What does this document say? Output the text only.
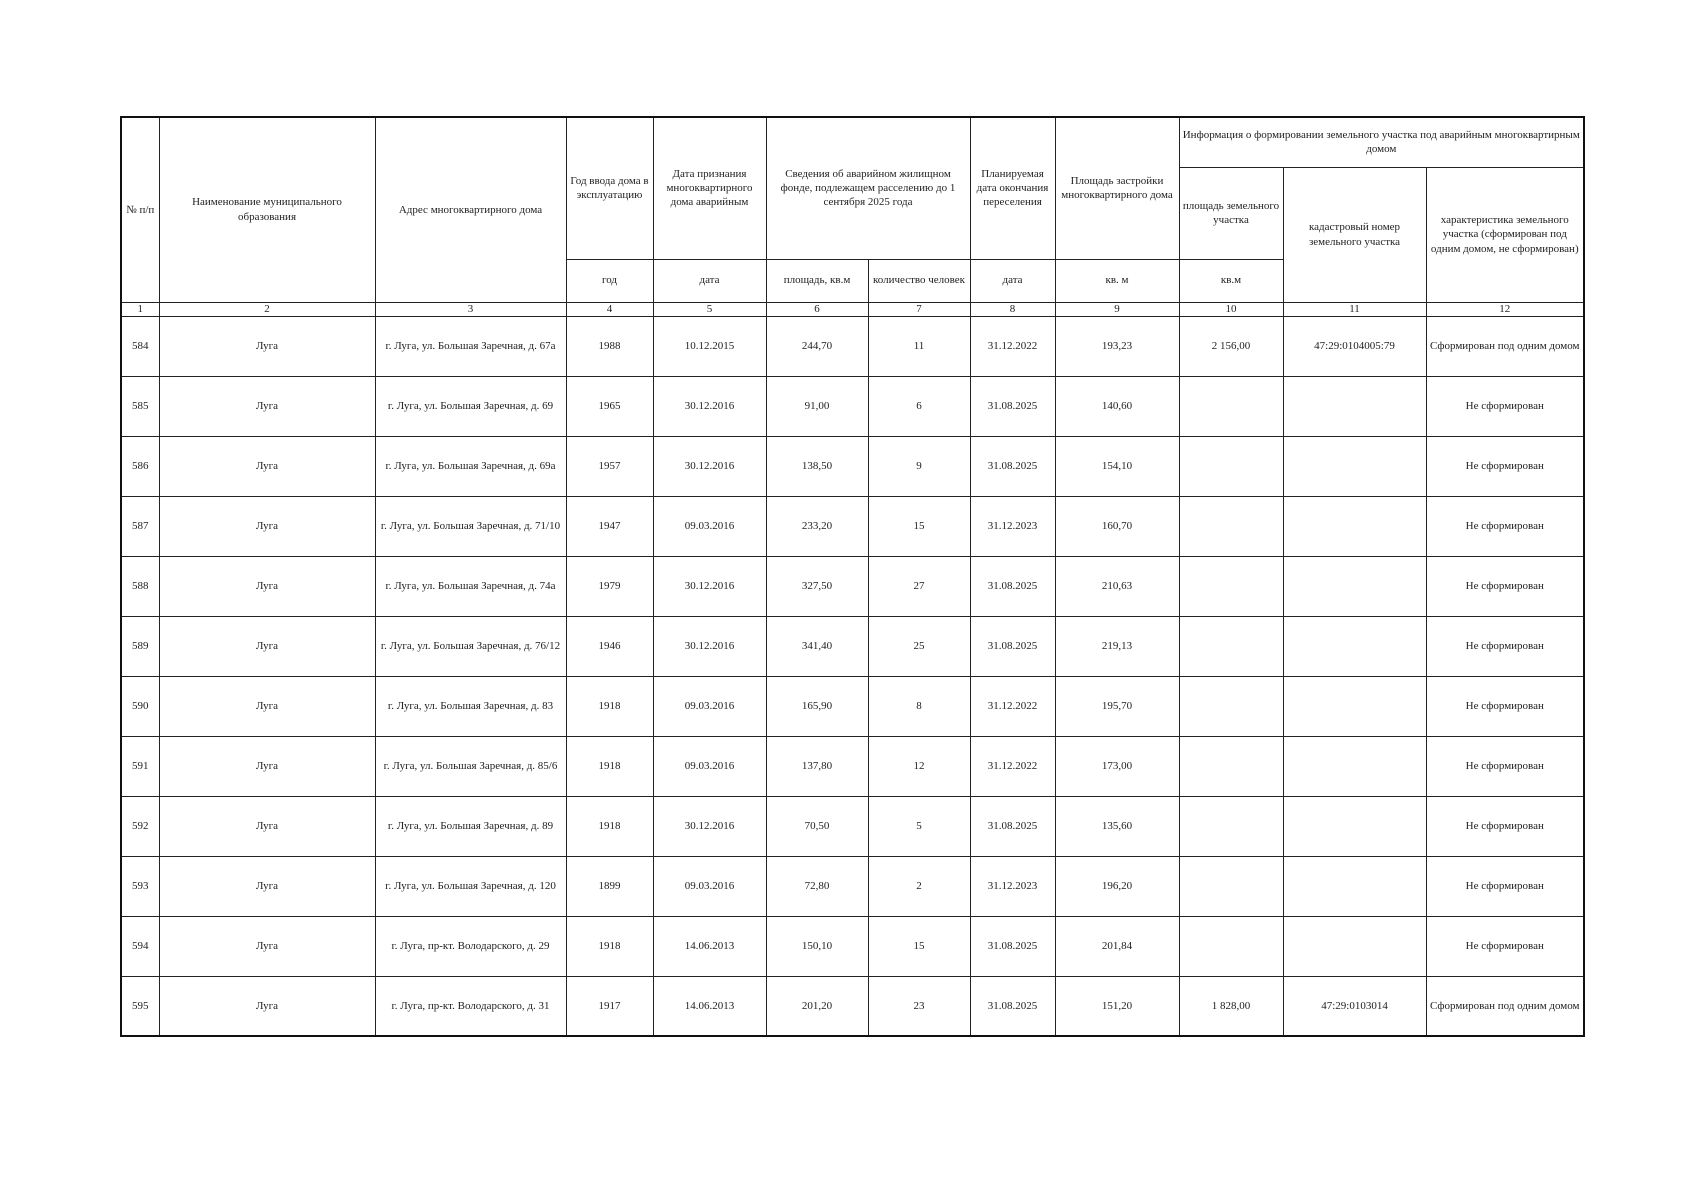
№ п/п	Наименование муниципального образования	Адрес многоквартирного дома	Год ввода дома в эксплуатацию	Дата признания многоквартирного дома аварийным	Сведения об аварийном жилищном фонде, подлежащем расселению до 1 сентября 2025 года		Планируемая дата окончания переселения	Площадь застройки многоквартирного дома	Информация о формировании земельного участка под аварийным многоквартирным домом		
									площадь земельного участка	кадастровый номер земельного участка	характеристика земельного участка (сформирован под одним домом, не сформирован)
			год	дата	площадь, кв.м	количество человек	дата	кв. м	кв.м		
1	2	3	4	5	6	7	8	9	10	11	12
584	Луга	г. Луга, ул. Большая Заречная, д. 67а	1988	10.12.2015	244,70	11	31.12.2022	193,23	2 156,00	47:29:0104005:79	Сформирован под одним домом
585	Луга	г. Луга, ул. Большая Заречная, д. 69	1965	30.12.2016	91,00	6	31.08.2025	140,60			Не сформирован
586	Луга	г. Луга, ул. Большая Заречная, д. 69а	1957	30.12.2016	138,50	9	31.08.2025	154,10			Не сформирован
587	Луга	г. Луга, ул. Большая Заречная, д. 71/10	1947	09.03.2016	233,20	15	31.12.2023	160,70			Не сформирован
588	Луга	г. Луга, ул. Большая Заречная, д. 74а	1979	30.12.2016	327,50	27	31.08.2025	210,63			Не сформирован
589	Луга	г. Луга, ул. Большая Заречная, д. 76/12	1946	30.12.2016	341,40	25	31.08.2025	219,13			Не сформирован
590	Луга	г. Луга, ул. Большая Заречная, д. 83	1918	09.03.2016	165,90	8	31.12.2022	195,70			Не сформирован
591	Луга	г. Луга, ул. Большая Заречная, д. 85/6	1918	09.03.2016	137,80	12	31.12.2022	173,00			Не сформирован
592	Луга	г. Луга, ул. Большая Заречная, д. 89	1918	30.12.2016	70,50	5	31.08.2025	135,60			Не сформирован
593	Луга	г. Луга, ул. Большая Заречная, д. 120	1899	09.03.2016	72,80	2	31.12.2023	196,20			Не сформирован
594	Луга	г. Луга, пр-кт. Володарского, д. 29	1918	14.06.2013	150,10	15	31.08.2025	201,84			Не сформирован
595	Луга	г. Луга, пр-кт. Володарского, д. 31	1917	14.06.2013	201,20	23	31.08.2025	151,20	1 828,00	47:29:0103014	Сформирован под одним домом
